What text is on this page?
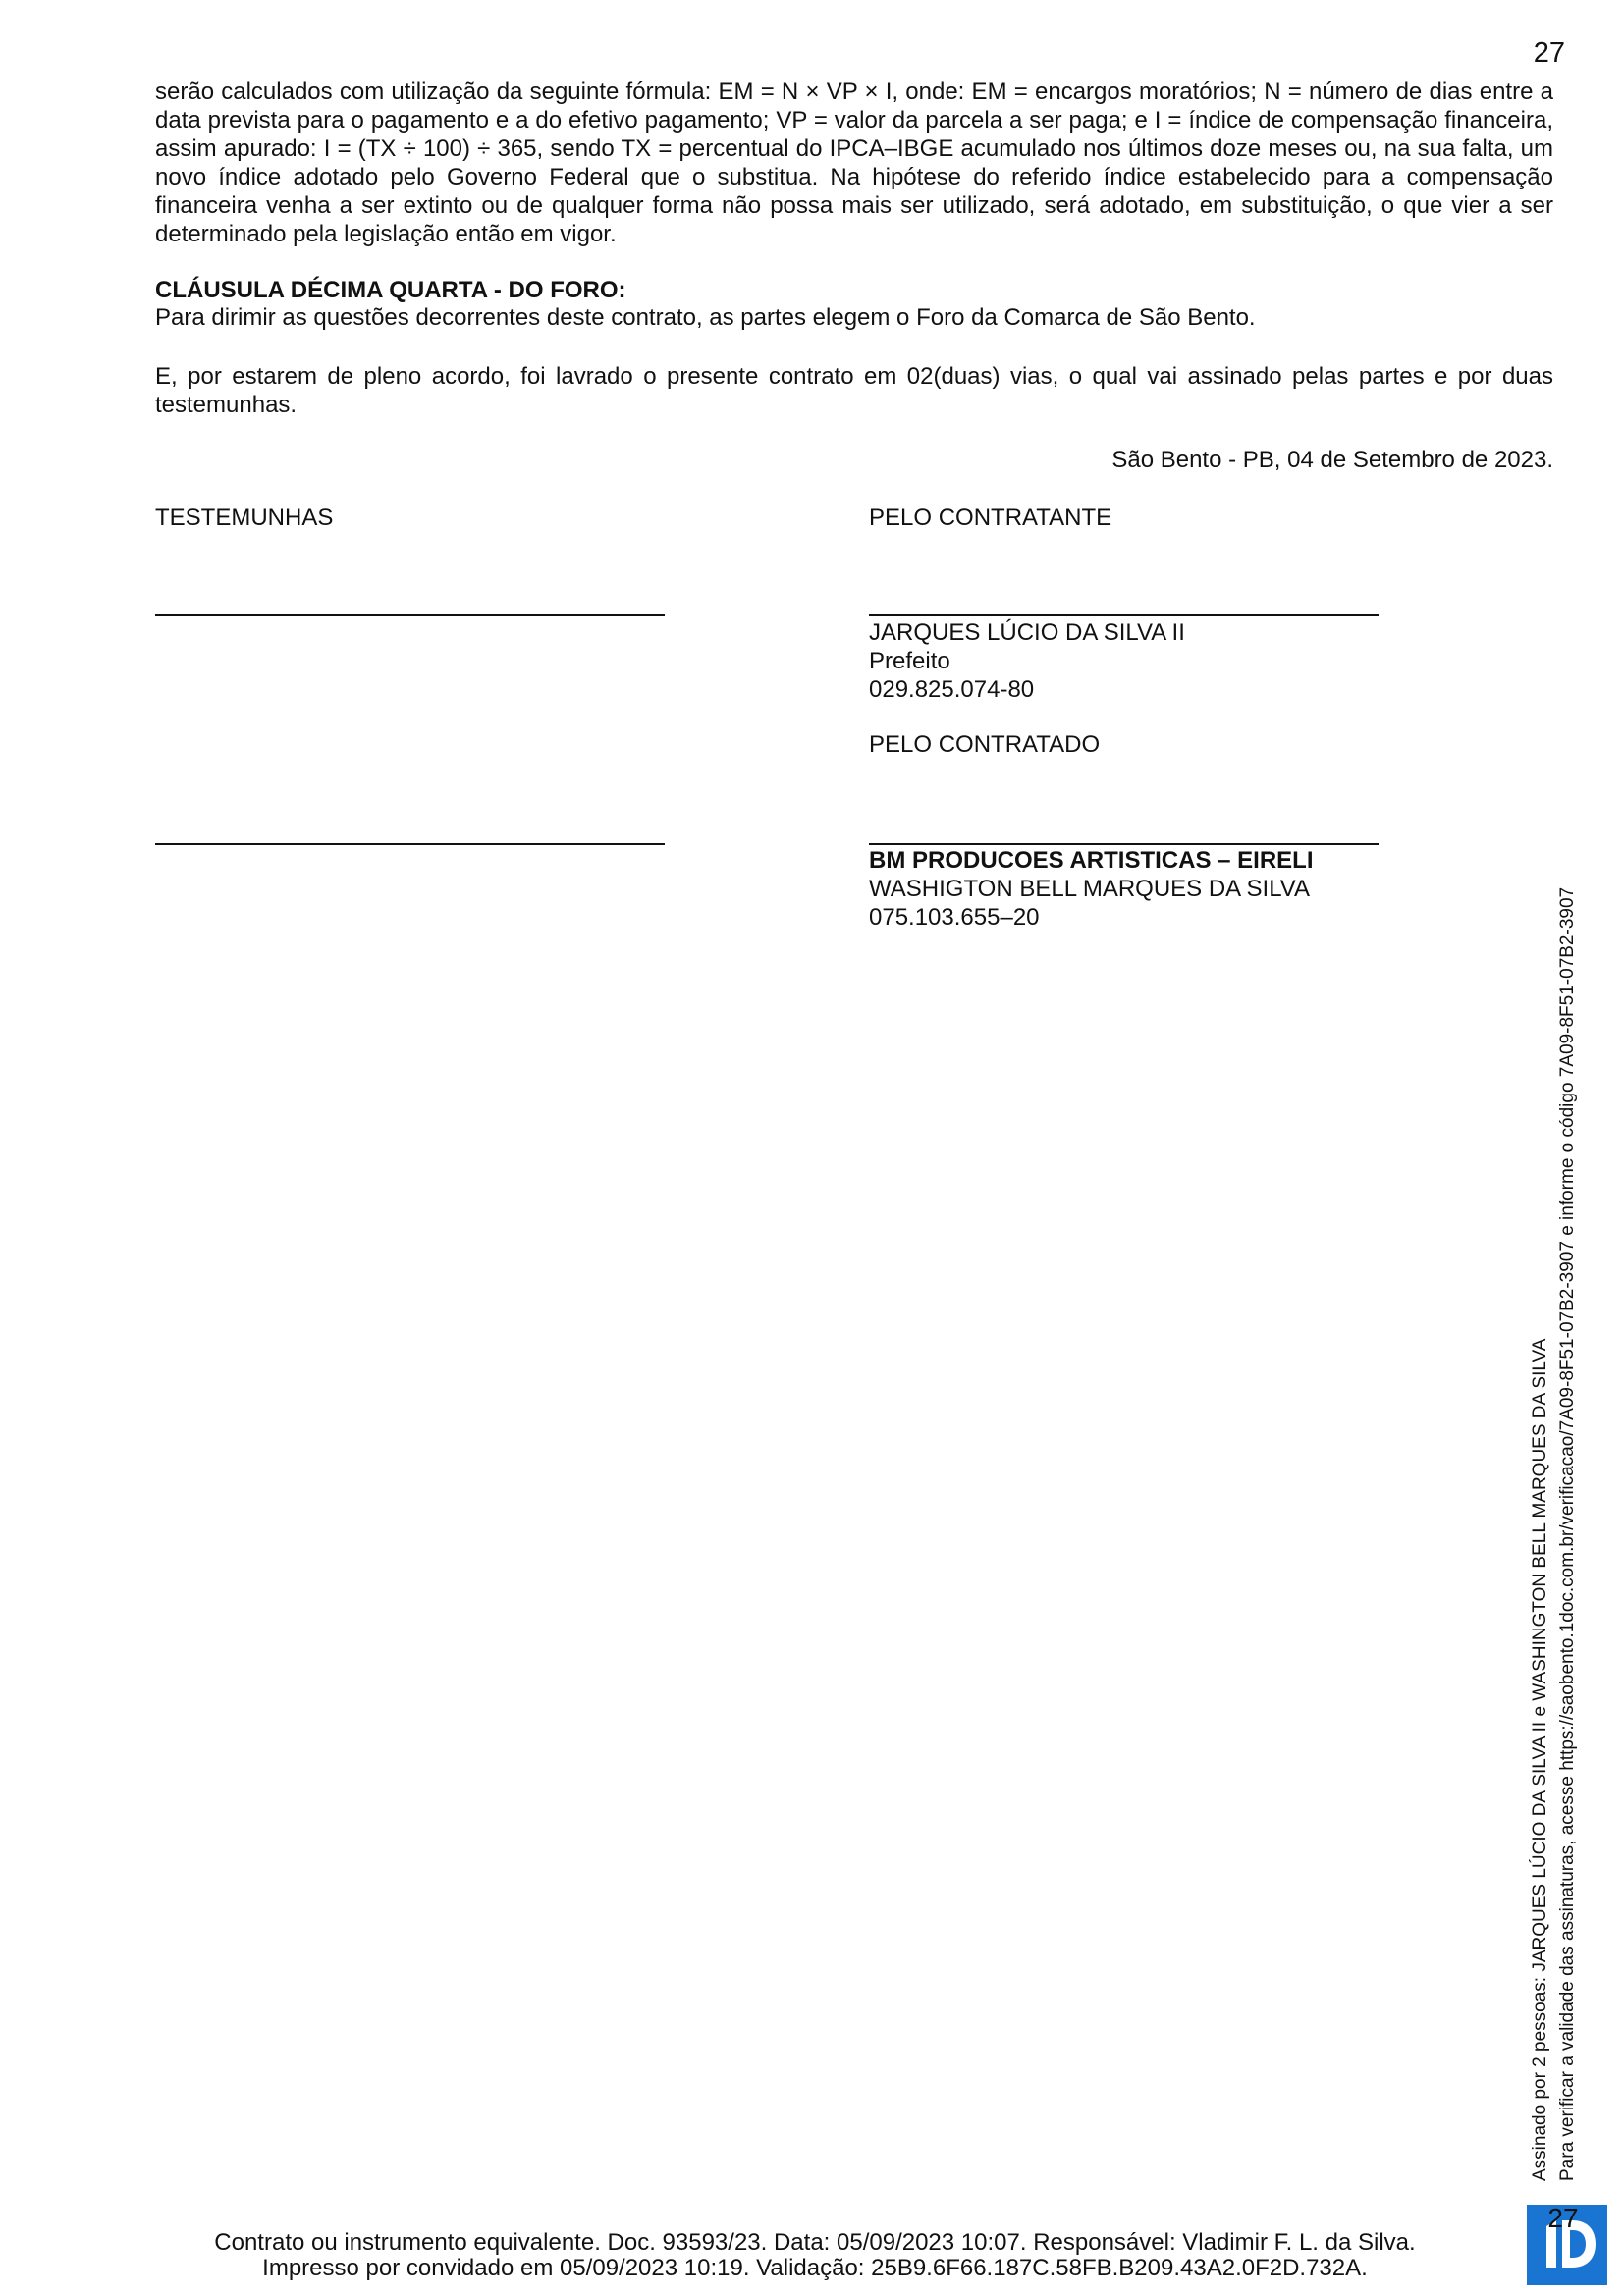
27

serão calculados com utilização da seguinte fórmula: EM = N × VP × I, onde: EM = encargos moratórios; N = número de dias entre a data prevista para o pagamento e a do efetivo pagamento; VP = valor da parcela a ser paga; e I = índice de compensação financeira, assim apurado: I = (TX ÷ 100) ÷ 365, sendo TX = percentual do IPCA–IBGE acumulado nos últimos doze meses ou, na sua falta, um novo índice adotado pelo Governo Federal que o substitua. Na hipótese do referido índice estabelecido para a compensação financeira venha a ser extinto ou de qualquer forma não possa mais ser utilizado, será adotado, em substituição, o que vier a ser determinado pela legislação então em vigor.

CLÁUSULA DÉCIMA QUARTA - DO FORO:
Para dirimir as questões decorrentes deste contrato, as partes elegem o Foro da Comarca de São Bento.

E, por estarem de pleno acordo, foi lavrado o presente contrato em 02(duas) vias, o qual vai assinado pelas partes e por duas testemunhas.

São Bento - PB, 04 de Setembro de 2023.
TESTEMUNHAS	PELO CONTRATANTE
JARQUES LÚCIO DA SILVA II
Prefeito
029.825.074-80
PELO CONTRATADO
BM PRODUCOES ARTISTICAS – EIRELI
WASHIGTON BELL MARQUES DA SILVA
075.103.655–20
Assinado por 2 pessoas: JARQUES LÚCIO DA SILVA II e WASHINGTON BELL MARQUES DA SILVA Para verificar a validade das assinaturas, acesse https://saobento.1doc.com.br/verificacao/7A09-8F51-07B2-3907 e informe o código 7A09-8F51-07B2-3907
Contrato ou instrumento equivalente. Doc. 93593/23. Data: 05/09/2023 10:07. Responsável: Vladimir F. L. da Silva.
Impresso por convidado em 05/09/2023 10:19. Validação: 25B9.6F66.187C.58FB.B209.43A2.0F2D.732A.
27
